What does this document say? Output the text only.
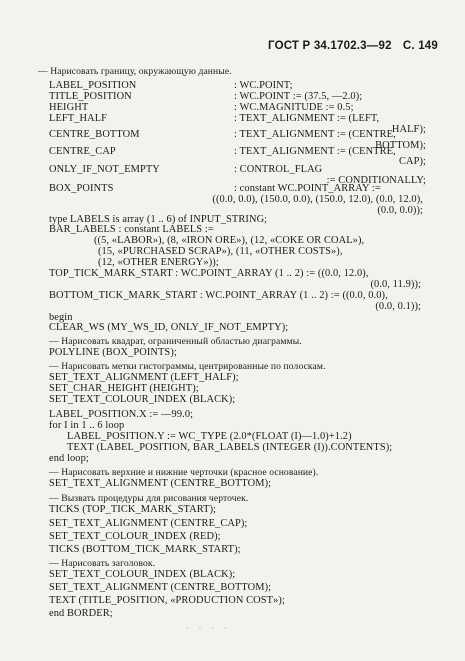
ГОСТ Р 34.1702.3—92 С. 149
— Нарисовать границу, окружающую данные.
LABEL_POSITION	: WC.POINT;
TITLE_POSITION	: WC.POINT := (37.5, —2.0);
HEIGHT	: WC.MAGNITUDE := 0.5;
LEFT_HALF	: TEXT_ALIGNMENT := (LEFT,
HALF);
CENTRE_BOTTOM	: TEXT_ALIGNMENT := (CENTRE,
BOTTOM);
CENTRE_CAP	: TEXT_ALIGNMENT := (CENTRE,
CAP);
ONLY_IF_NOT_EMPTY	: CONTROL_FLAG
:= CONDITIONALLY;
BOX_POINTS	: constant WC.POINT_ARRAY :=
((0.0, 0.0), (150.0, 0.0), (150.0, 12.0), (0.0, 12.0),
(0.0, 0.0));
type LABELS is array (1 .. 6) of INPUT_STRING;
BAR_LABELS : constant LABELS :=
((5, «LABOR»), (8, «IRON ORE»), (12, «COKE OR COAL»),
(15, «PURCHASED SCRAP»), (11, «OTHER COSTS»),
(12, «OTHER ENERGY»));
TOP_TICK_MARK_START : WC.POINT_ARRAY (1 .. 2) := ((0.0, 12.0),
(0.0, 11.9));
BOTTOM_TICK_MARK_START : WC.POINT_ARRAY (1 .. 2) := ((0.0, 0.0),
(0.0, 0.1));
begin
CLEAR_WS (MY_WS_ID, ONLY_IF_NOT_EMPTY);
— Нарисовать квадрат, ограниченный областью диаграммы.
POLYLINE (BOX_POINTS);
— Нарисовать метки гистограммы, центрированные по полоскам.
SET_TEXT_ALIGNMENT (LEFT_HALF);
SET_CHAR_HEIGHT (HEIGHT);
SET_TEXT_COLOUR_INDEX (BLACK);
LABEL_POSITION.X := —99.0;
for I in 1 .. 6 loop
LABEL_POSITION.Y := WC_TYPE (2.0*(FLOAT (I)—1.0)+1.2)
TEXT (LABEL_POSITION, BAR_LABELS (INTEGER (I)).CONTENTS);
end loop;
— Нарисовать верхние и нижние черточки (красное основание).
SET_TEXT_ALIGNMENT (CENTRE_BOTTOM);
— Вызвать процедуры для рисования черточек.
TICKS (TOP_TICK_MARK_START);
SET_TEXT_ALIGNMENT (CENTRE_CAP);
SET_TEXT_COLOUR_INDEX (RED);
TICKS (BOTTOM_TICK_MARK_START);
— Нарисовать заголовок.
SET_TEXT_COLOUR_INDEX (BLACK);
SET_TEXT_ALIGNMENT (CENTRE_BOTTOM);
TEXT (TITLE_POSITION, «PRODUCTION COST»);
end BORDER;
· · · ·
